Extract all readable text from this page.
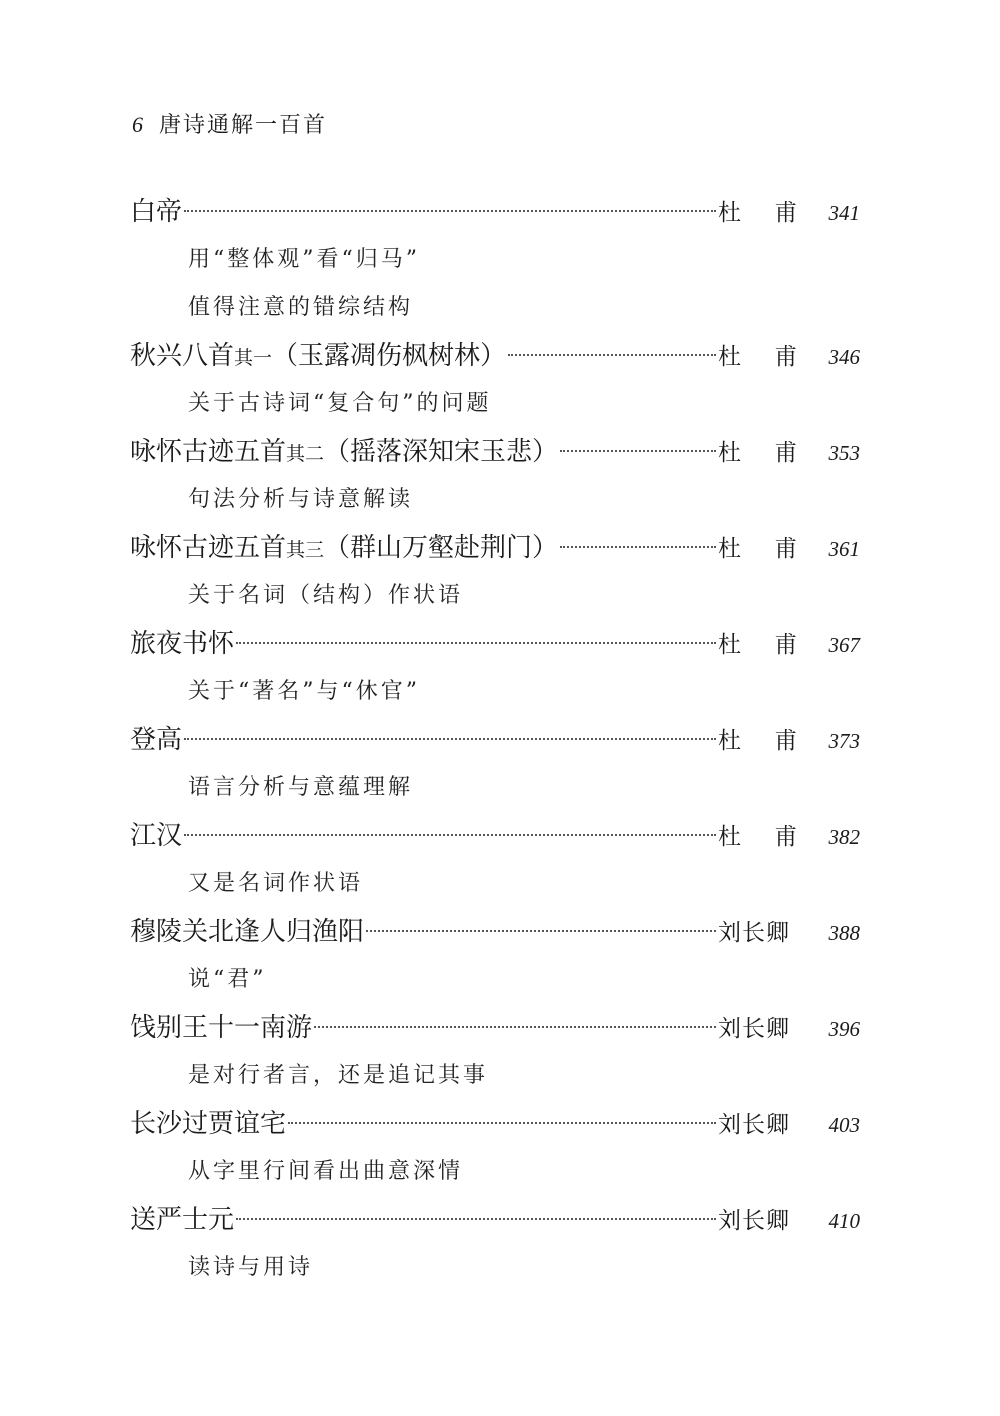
6 唐诗通解一百首
白帝	杜　 甫	341
用“整体观”看“归马”
值得注意的错综结构
秋兴八首其一（玉露凋伤枫树林）	杜　 甫	346
关于古诗词“复合句”的问题
咏怀古迹五首其二（摇落深知宋玉悲）	杜　 甫	353
句法分析与诗意解读
咏怀古迹五首其三（群山万壑赴荆门）	杜　 甫	361
关于名词（结构）作状语
旅夜书怀	杜　 甫	367
关于“著名”与“休官”
登高	杜　 甫	373
语言分析与意蕴理解
江汉	杜　 甫	382
又是名词作状语
穆陵关北逢人归渔阳	刘长卿	388
说“君”
饯别王十一南游	刘长卿	396
是对行者言，还是追记其事
长沙过贾谊宅	刘长卿	403
从字里行间看出曲意深情
送严士元	刘长卿	410
读诗与用诗
